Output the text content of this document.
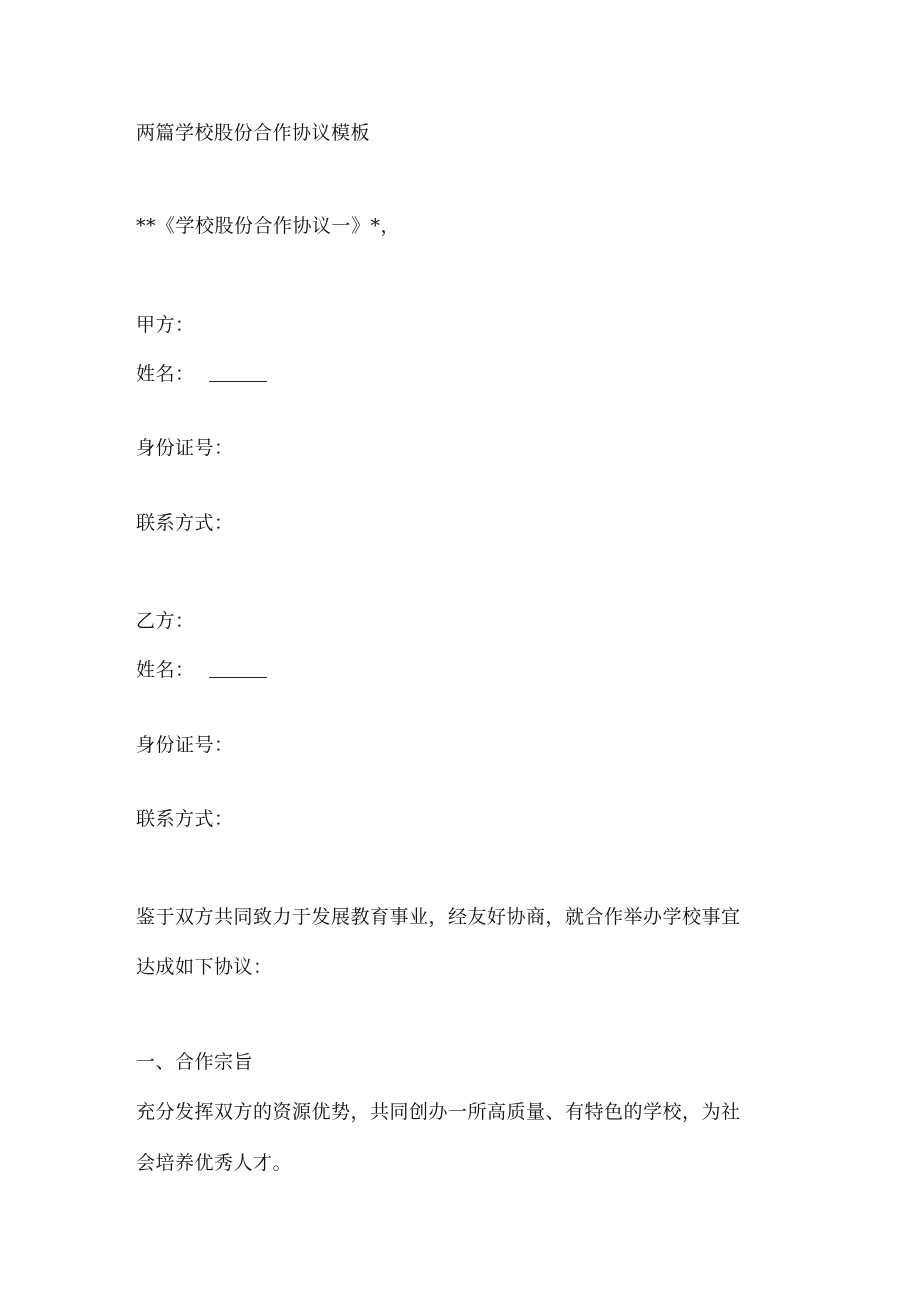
两篇学校股份合作协议模板
**《学校股份合作协议一》*，
甲方：
姓名：
身份证号：
联系方式：
乙方：
姓名：
身份证号：
联系方式：
鉴于双方共同致力于发展教育事业，经友好协商，就合作举办学校事宜
达成如下协议：
一、合作宗旨
充分发挥双方的资源优势，共同创办一所高质量、有特色的学校，为社
会培养优秀人才。
